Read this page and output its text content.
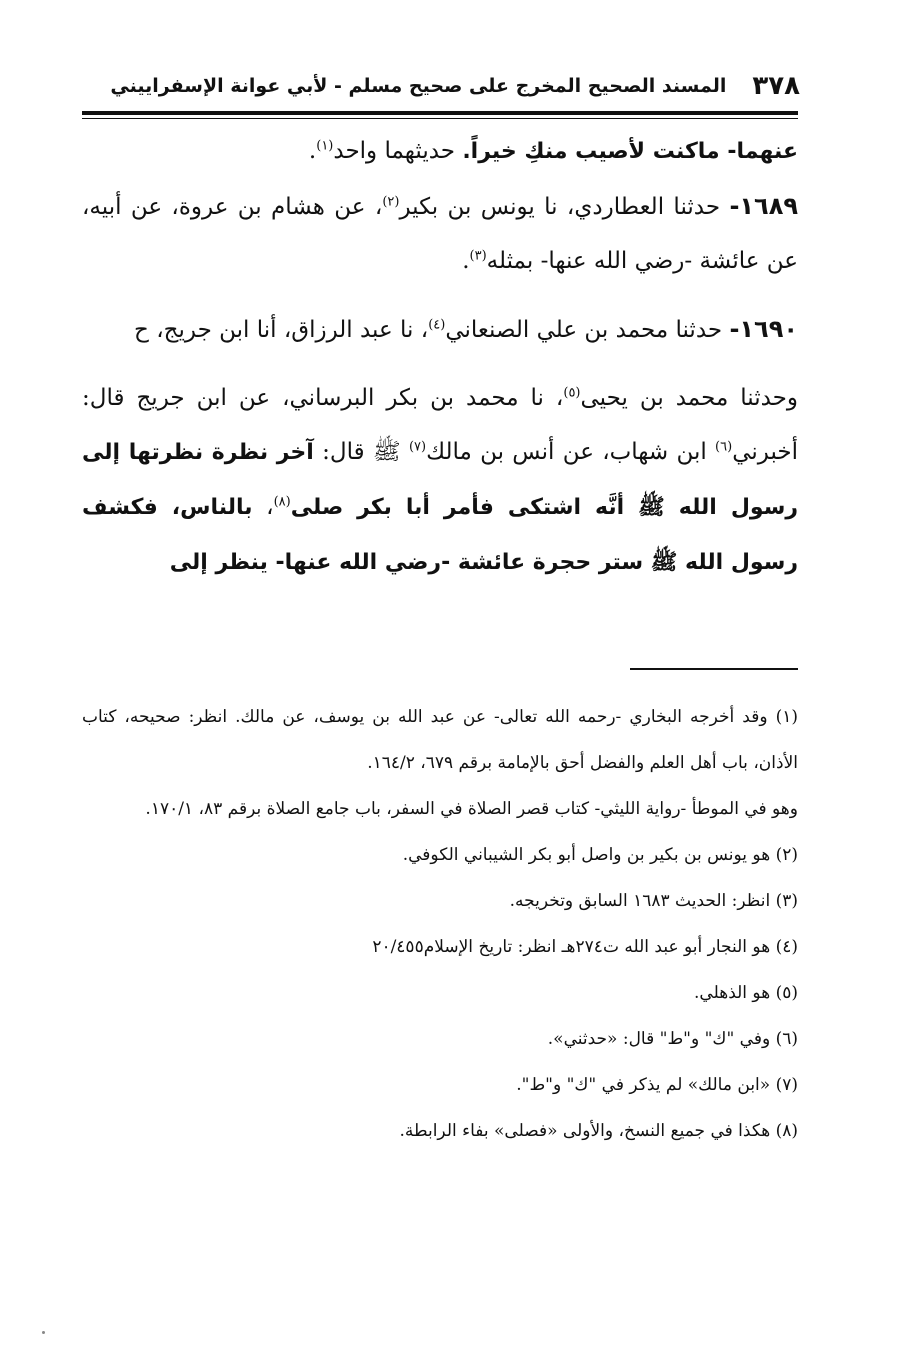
٣٧٨
المسند الصحيح المخرج على صحيح مسلم - لأبي عوانة الإسفراييني

عنهما- ماكنت لأصيب منكِ خيراً. حديثهما واحد$^{(١)}$.

١٦٨٩- حدثنا العطاردي، نا يونس بن بكير$^{(٢)}$، عن هشام بن عروة، عن أبيه، عن عائشة -رضي الله عنها- بمثله$^{(٣)}$.

١٦٩٠- حدثنا محمد بن علي الصنعاني$^{(٤)}$، نا عبد الرزاق، أنا ابن جريج، ح

وحدثنا محمد بن يحيى$^{(٥)}$، نا محمد بن بكر البرساني، عن ابن جريج قال: أخبرني$^{(٦)}$ ابن شهاب، عن أنس بن مالك$^{(٧)}$ ﷺ قال: آخر نظرة نظرتها إلى رسول الله ﷺ أنَّه اشتكى فأمر أبا بكر صلى$^{(٨)}$، بالناس، فكشف رسول الله ﷺ ستر حجرة عائشة -رضي الله عنها- ينظر إلى

(١) وقد أخرجه البخاري -رحمه الله تعالى- عن عبد الله بن يوسف، عن مالك. انظر: صحيحه، كتاب الأذان، باب أهل العلم والفضل أحق بالإمامة برقم ٦٧٩، ١٦٤/٢.

وهو في الموطأ -رواية الليثي- كتاب قصر الصلاة في السفر، باب جامع الصلاة برقم ٨٣، ١٧٠/١.

(٢) هو يونس بن بكير بن واصل أبو بكر الشيباني الكوفي.

(٣) انظر: الحديث ١٦٨٣ السابق وتخريجه.

(٤) هو النجار أبو عبد الله ت٢٧٤هـ انظر: تاريخ الإسلام٢٠/٤٥٥

(٥) هو الذهلي.

(٦) وفي "ك" و"ط" قال: «حدثني».

(٧) «ابن مالك» لم يذكر في "ك" و"ط".

(٨) هكذا في جميع النسخ، والأولى «فصلى» بفاء الرابطة.
